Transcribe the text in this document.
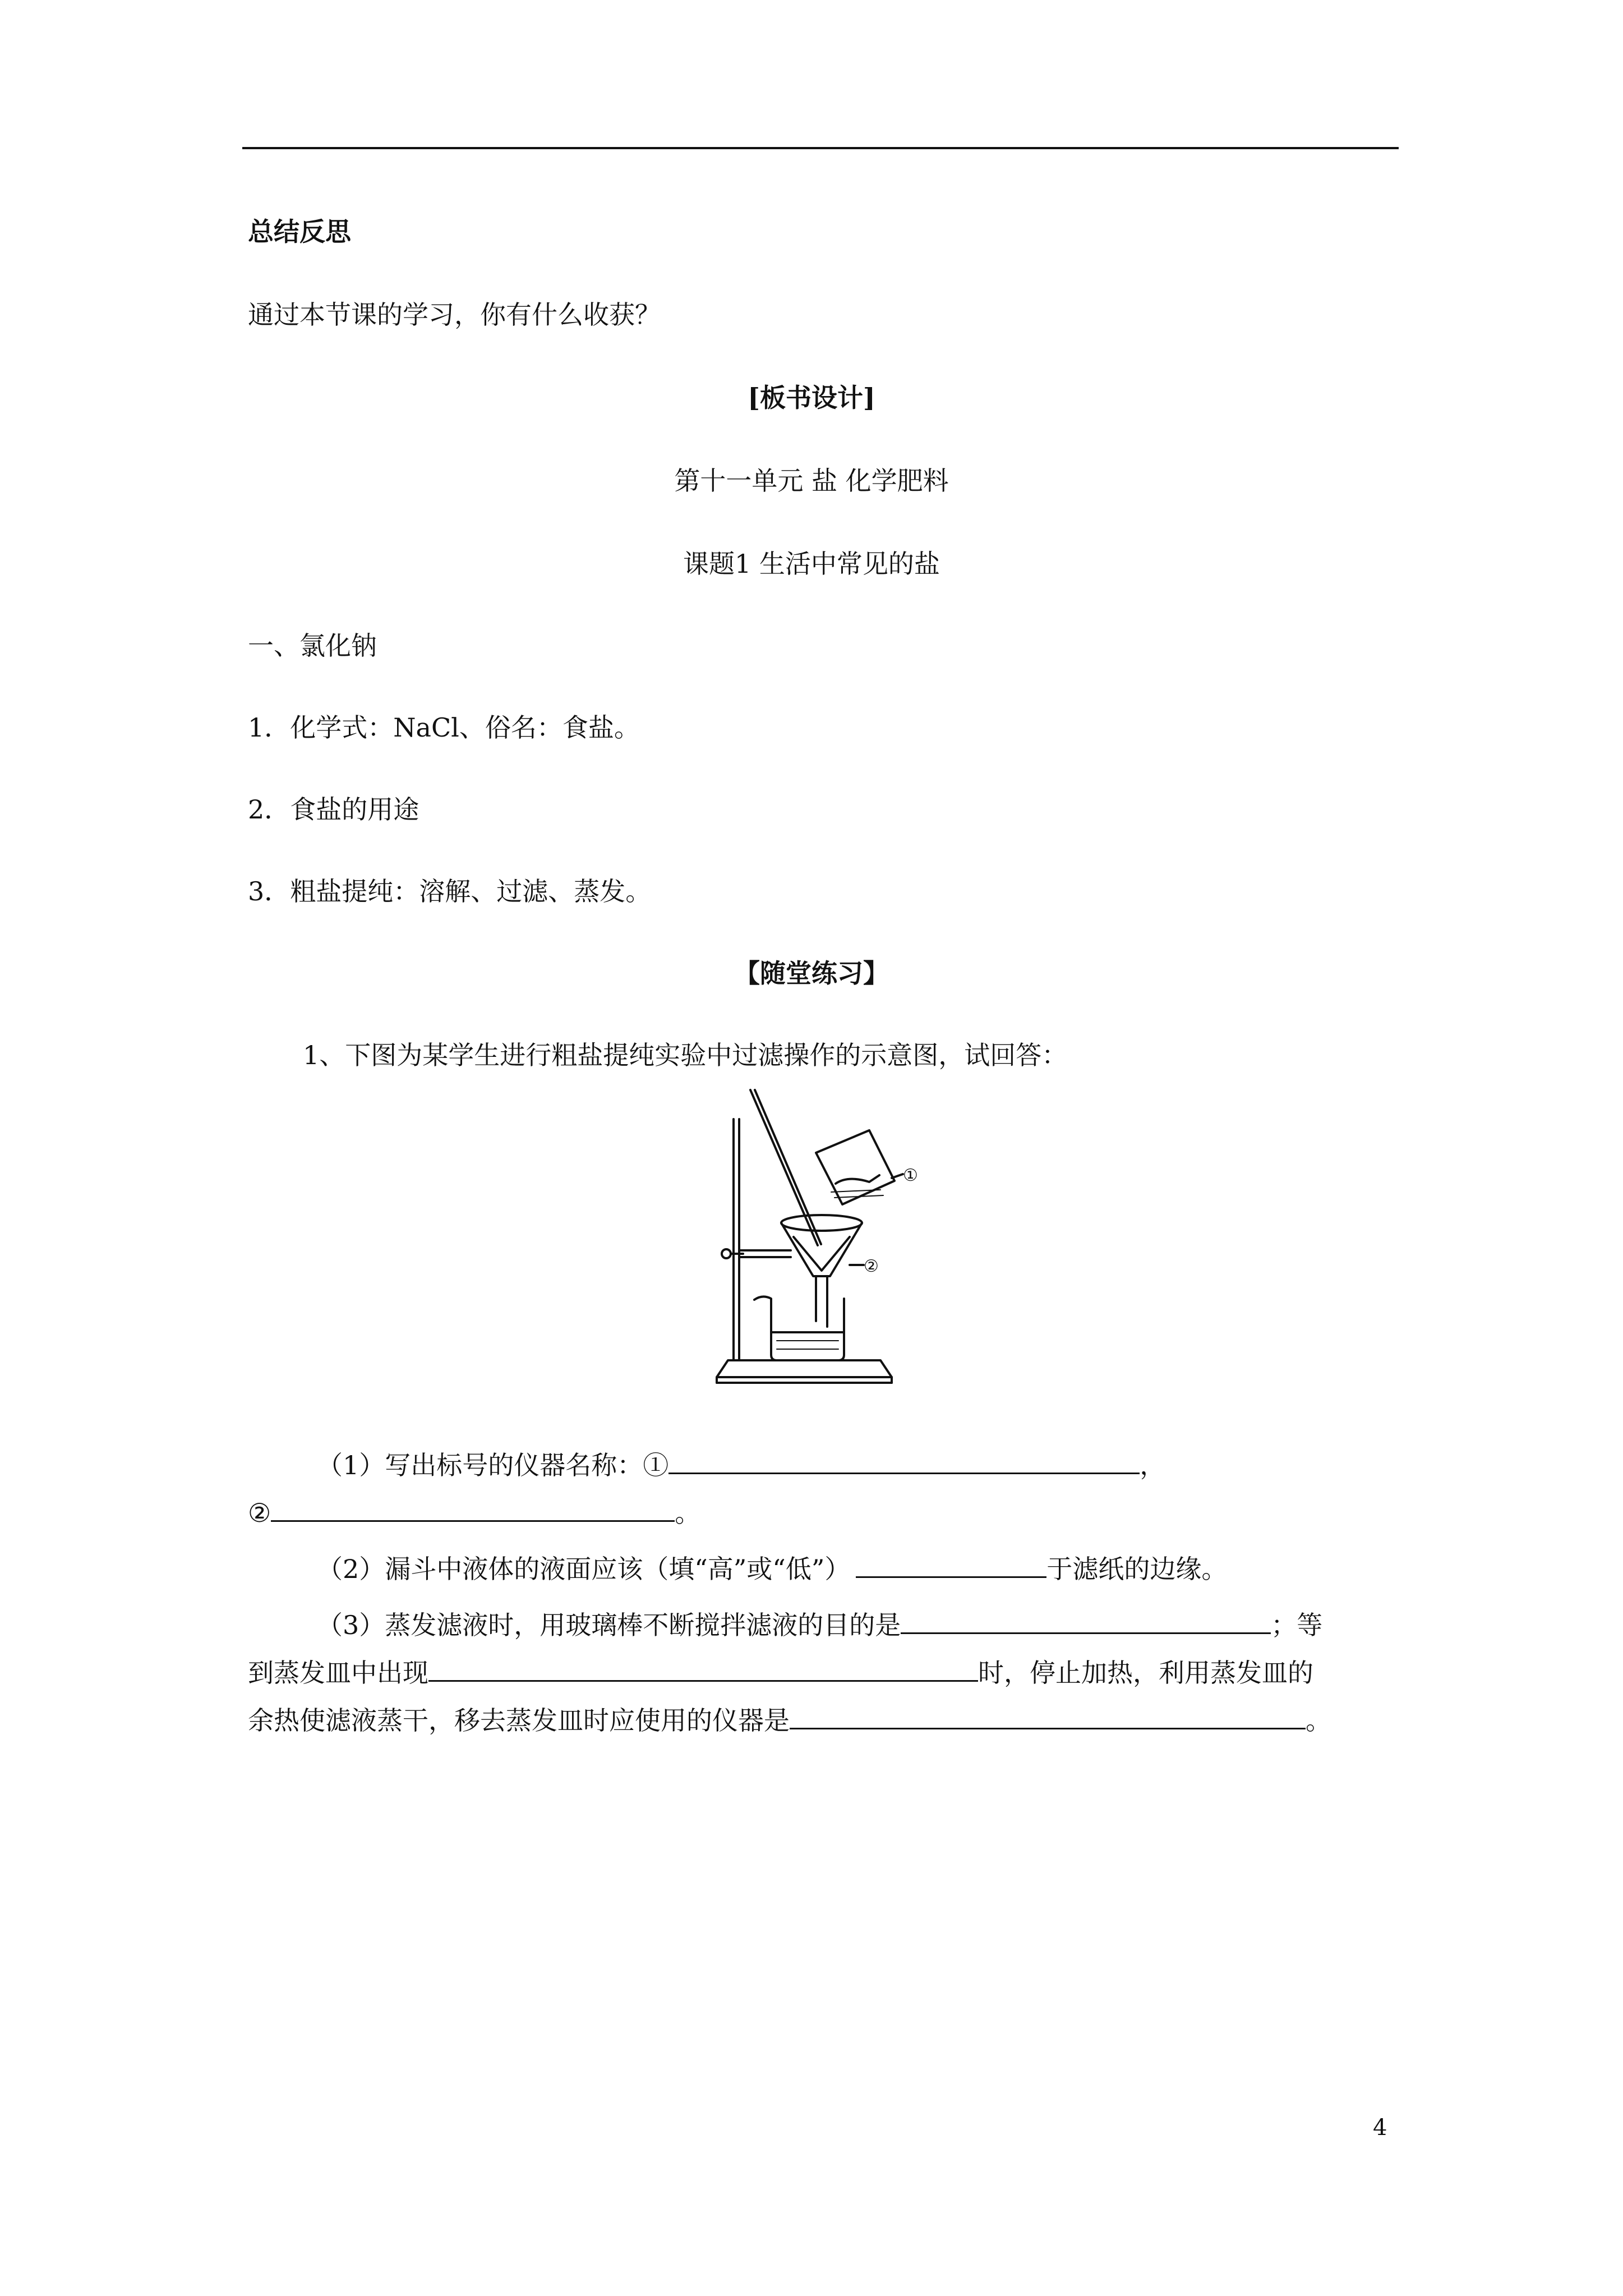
总结反思
通过本节课的学习，你有什么收获？
[板书设计]
第十一单元 盐 化学肥料
课题1 生活中常见的盐
一、氯化钠
1．化学式：NaCl、俗名：食盐。
2．食盐的用途
3．粗盐提纯：溶解、过滤、蒸发。
【随堂练习】
1、下图为某学生进行粗盐提纯实验中过滤操作的示意图，试回答：
①
②
（1）写出标号的仪器名称：①	，
②	。
（2）漏斗中液体的液面应该（填“高”或“低”）	于滤纸的边缘。
（3）蒸发滤液时，用玻璃棒不断搅拌滤液的目的是	；等
到蒸发皿中出现	时，停止加热，利用蒸发皿的
余热使滤液蒸干，移去蒸发皿时应使用的仪器是	。
4
